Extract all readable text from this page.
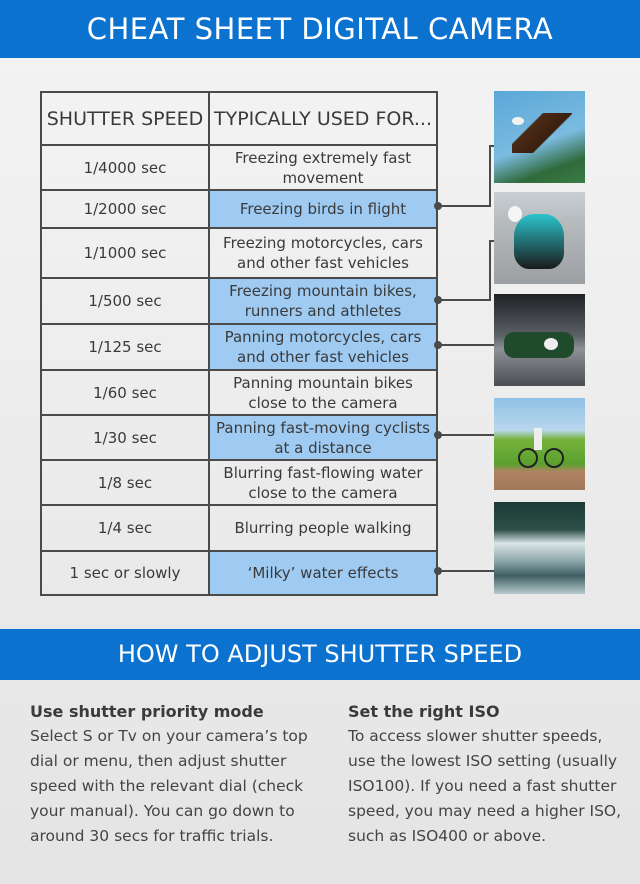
CHEAT SHEET DIGITAL CAMERA
SHUTTER SPEED	TYPICALLY USED FOR...
1/4000 sec	Freezing extremely fast movement
1/2000 sec	Freezing birds in flight
1/1000 sec	Freezing motorcycles, cars and other fast vehicles
1/500 sec	Freezing mountain bikes, runners and athletes
1/125 sec	Panning motorcycles, cars and other fast vehicles
1/60 sec	Panning mountain bikes close to the camera
1/30 sec	Panning fast-moving cyclists at a distance
1/8 sec	Blurring fast-flowing water close to the camera
1/4 sec	Blurring people walking
1 sec or slowly	‘Milky’ water effects
HOW TO ADJUST SHUTTER SPEED
Use shutter priority mode

Select S or Tv on your camera’s top dial or menu, then adjust shutter speed with the relevant dial (check your manual). You can go down to around 30 secs for traffic trials.

Set the right ISO

To access slower shutter speeds, use the lowest ISO setting (usually ISO100). If you need a fast shutter speed, you may need a higher ISO, such as ISO400 or above.
